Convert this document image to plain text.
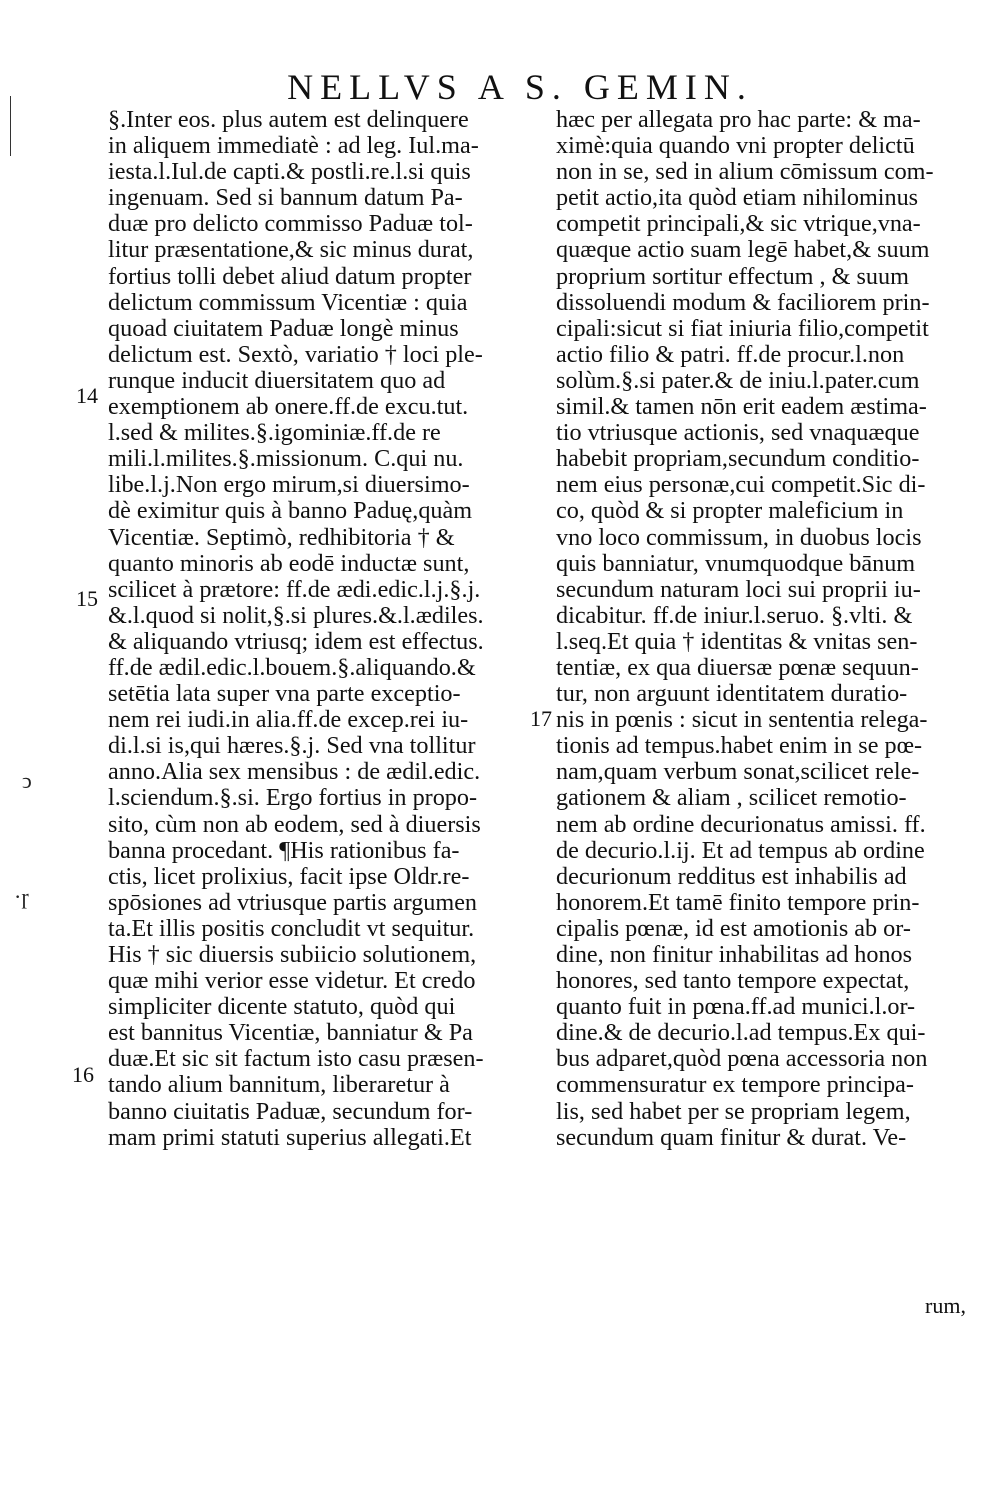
NELLVS A S. GEMIN.
14
15
16
17
ↄ
·ɼ
§.Inter eos. plus autem est delinquere
in aliquem immediatè : ad leg. Iul.ma-
iesta.l.Iul.de capti.& postli.re.l.si quis
ingenuam. Sed si bannum datum Pa-
duæ pro delicto commisso Paduæ tol-
litur præsentatione,& sic minus durat,
fortius tolli debet aliud datum propter
delictum commissum Vicentiæ : quia
quoad ciuitatem Paduæ longè minus
delictum est. Sextò, variatio † loci ple-
runque inducit diuersitatem quo ad
exemptionem ab onere.ff.de excu.tut.
l.sed & milites.§.igominiæ.ff.de re
mili.l.milites.§.missionum. C.qui nu.
libe.l.j.Non ergo mirum,si diuersimo-
dè eximitur quis à banno Paduę,quàm
Vicentiæ. Septimò, redhibitoria † &
quanto minoris ab eodē inductæ sunt,
scilicet à prætore: ff.de ædi.edic.l.j.§.j.
&.l.quod si nolit,§.si plures.&.l.ædiles.
& aliquando vtriusq; idem est effectus.
ff.de ædil.edic.l.bouem.§.aliquando.&
setētia lata super vna parte exceptio-
nem rei iudi.in alia.ff.de excep.rei iu-
di.l.si is,qui hæres.§.j. Sed vna tollitur
anno.Alia sex mensibus : de ædil.edic.
l.sciendum.§.si. Ergo fortius in propo-
sito, cùm non ab eodem, sed à diuersis
banna procedant. ¶His rationibus fa-
ctis, licet prolixius, facit ipse Oldr.re-
spōsiones ad vtriusque partis argumen
ta.Et illis positis concludit vt sequitur.
His † sic diuersis subiicio solutionem,
quæ mihi verior esse videtur. Et credo
simpliciter dicente statuto, quòd qui
est bannitus Vicentiæ, banniatur & Pa
duæ.Et sic sit factum isto casu præsen-
tando alium bannitum, liberaretur à
banno ciuitatis Paduæ, secundum for-
mam primi statuti superius allegati.Et
hæc per allegata pro hac parte: & ma-
ximè:quia quando vni propter delictū
non in se, sed in alium cōmissum com-
petit actio,ita quòd etiam nihilominus
competit principali,& sic vtrique,vna-
quæque actio suam legē habet,& suum
proprium sortitur effectum , & suum
dissoluendi modum & faciliorem prin-
cipali:sicut si fiat iniuria filio,competit
actio filio & patri. ff.de procur.l.non
solùm.§.si pater.& de iniu.l.pater.cum
simil.& tamen nōn erit eadem æstima-
tio vtriusque actionis, sed vnaquæque
habebit propriam,secundum conditio-
nem eius personæ,cui competit.Sic di-
co, quòd & si propter maleficium in
vno loco commissum, in duobus locis
quis banniatur, vnumquodque bānum
secundum naturam loci sui proprii iu-
dicabitur. ff.de iniur.l.seruo. §.vlti. &
l.seq.Et quia † identitas & vnitas sen-
tentiæ, ex qua diuersæ pœnæ sequun-
tur, non arguunt identitatem duratio-
nis in pœnis : sicut in sententia relega-
tionis ad tempus.habet enim in se pœ-
nam,quam verbum sonat,scilicet rele-
gationem & aliam , scilicet remotio-
nem ab ordine decurionatus amissi. ff.
de decurio.l.ij. Et ad tempus ab ordine
decurionum redditus est inhabilis ad
honorem.Et tamē finito tempore prin-
cipalis pœnæ, id est amotionis ab or-
dine, non finitur inhabilitas ad honos
honores, sed tanto tempore expectat,
quanto fuit in pœna.ff.ad munici.l.or-
dine.& de decurio.l.ad tempus.Ex qui-
bus adparet,quòd pœna accessoria non
commensuratur ex tempore principa-
lis, sed habet per se propriam legem,
secundum quam finitur & durat. Ve-
rum,
